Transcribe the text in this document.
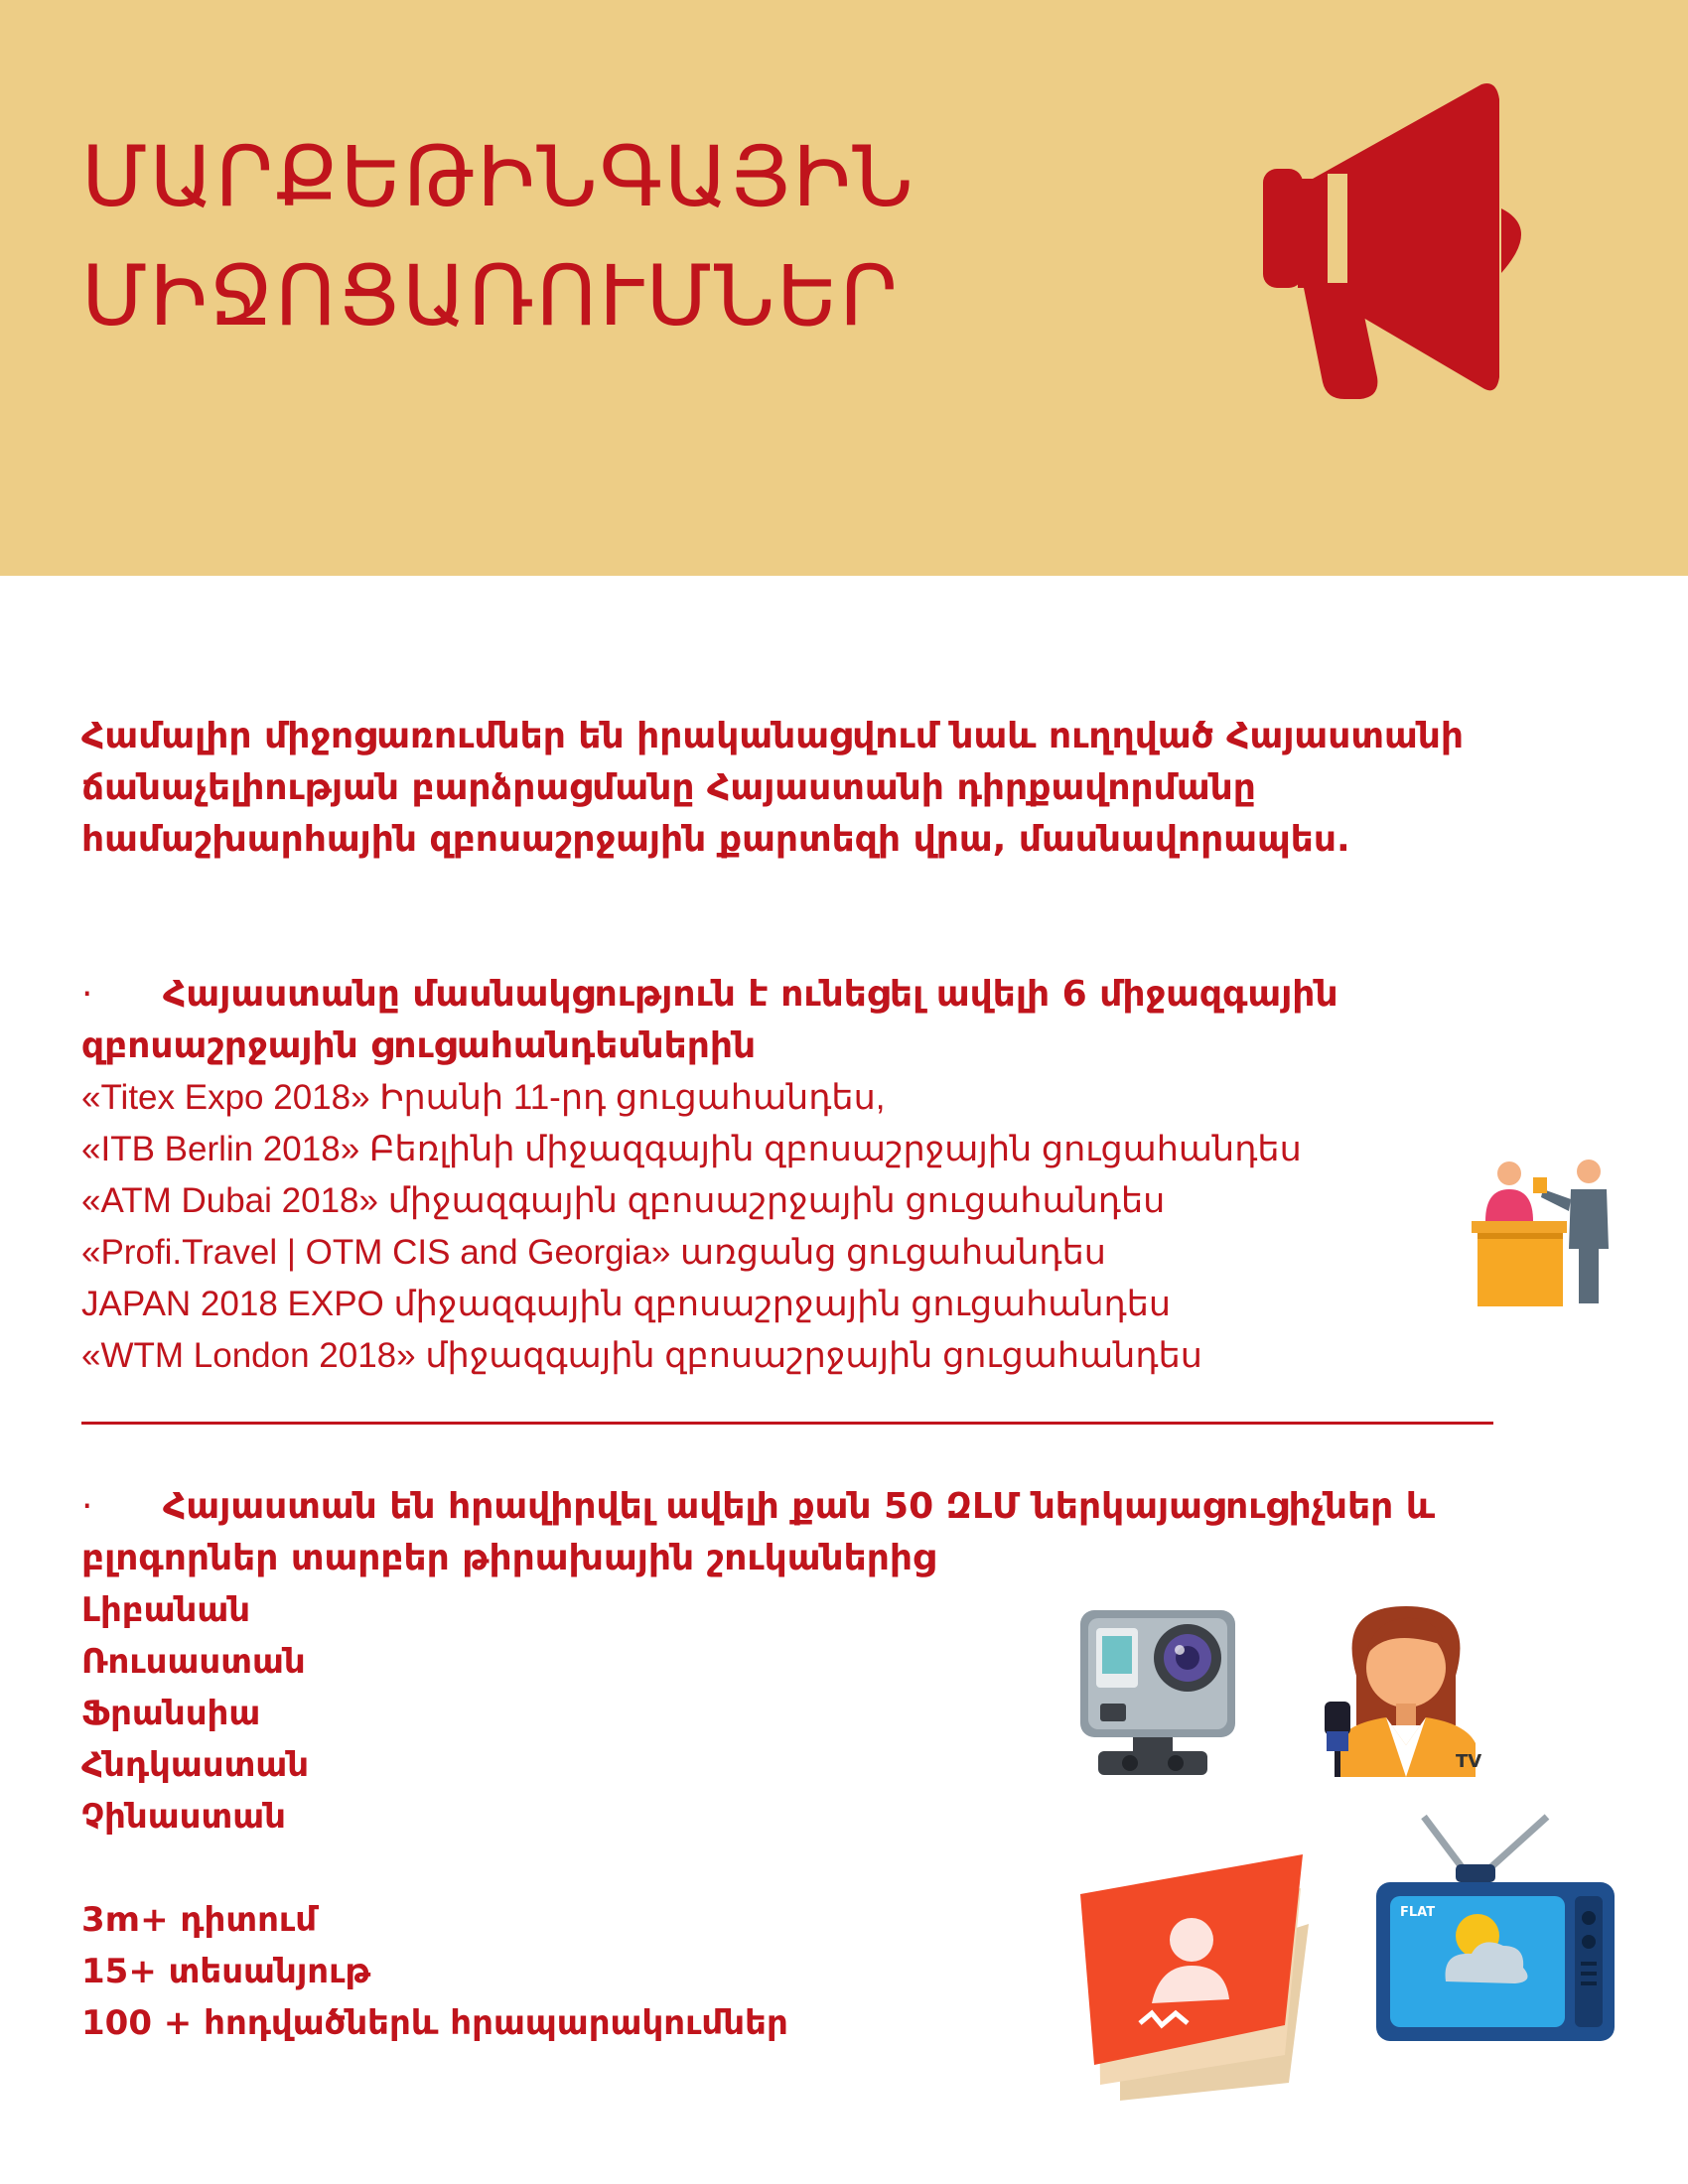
ՄԱՐՔԵԹԻՆԳԱՅԻՆ
ՄԻՋՈՑԱՌՈՒՄՆԵՐ

Համալիր միջոցառումներ են իրականացվում նաև ուղղված Հայաստանի ճանաչելիության բարձրացմանը Հայաստանի դիրքավորմանը համաշխարհային զբոսաշրջային քարտեզի վրա, մասնավորապես.

· Հայաստանը մասնակցություն է ունեցել ավելի 6 միջազգային զբոսաշրջային ցուցահանդեսներին
«Titex Expo 2018» Իրանի 11-րդ ցուցահանդես,
«ITB Berlin 2018» Բեռլինի միջազգային զբոսաշրջային ցուցահանդես
«ATM Dubai 2018» միջազգային զբոսաշրջային ցուցահանդես
«Profi.Travel | OTM CIS and Georgia» առցանց ցուցահանդես
JAPAN 2018 EXPO միջազգային զբոսաշրջային ցուցահանդես
«WTM London 2018» միջազգային զբոսաշրջային ցուցահանդես
· Հայաստան են հրավիրվել ավելի քան 50 ԶԼՄ ներկայացուցիչներ և բլոգորներ տարբեր թիրախային շուկաներից
Լիբանան
Ռուսաստան
Ֆրանսիա
Հնդկաստան
Չինաստան
3m+ դիտում
15+ տեսանյութ
100 + հոդվածներև հրապարակումներ
TV
FLAT
